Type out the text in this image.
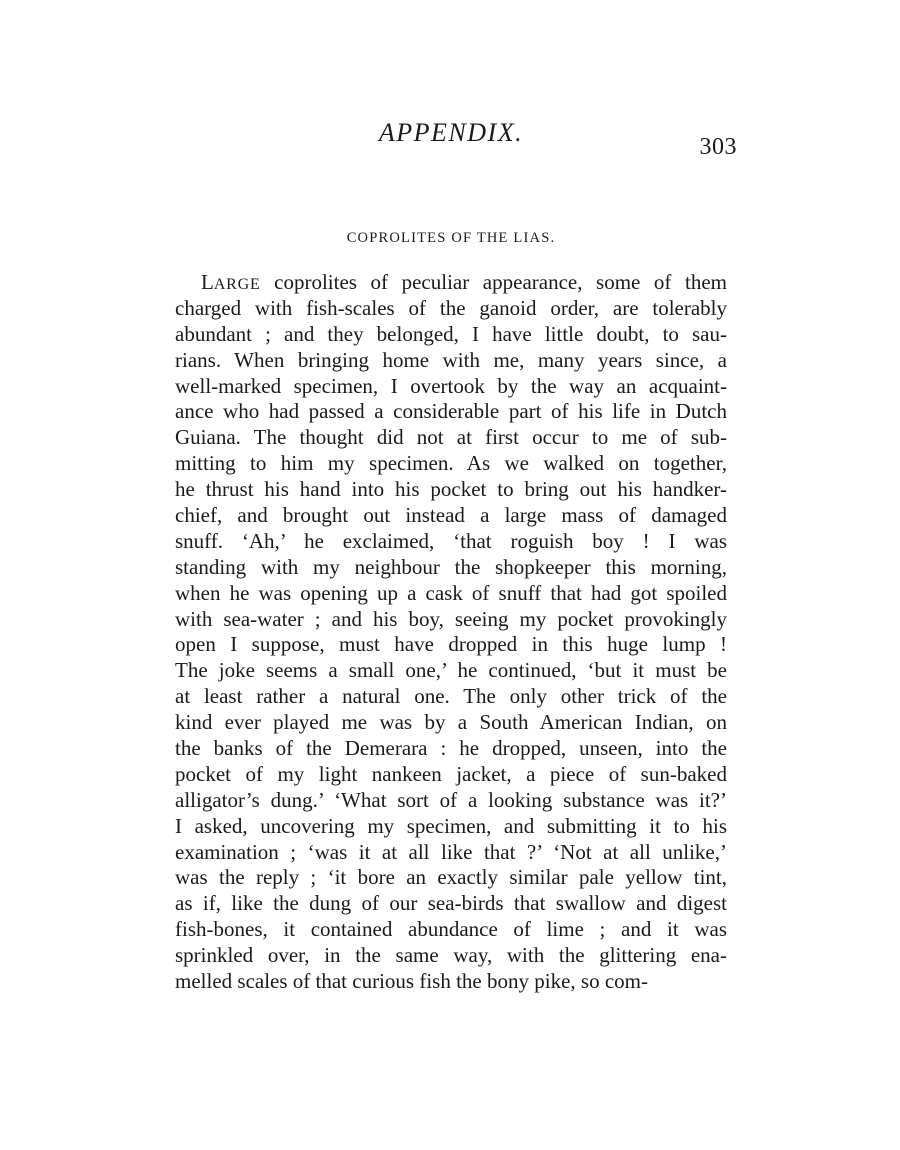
APPENDIX.	303
COPROLITES OF THE LIAS.
LARGE coprolites of peculiar appearance, some of them
charged with fish-scales of the ganoid order, are tolerably
abundant ; and they belonged, I have little doubt, to sau-
rians. When bringing home with me, many years since, a
well-marked specimen, I overtook by the way an acquaint-
ance who had passed a considerable part of his life in Dutch
Guiana. The thought did not at first occur to me of sub-
mitting to him my specimen. As we walked on together,
he thrust his hand into his pocket to bring out his handker-
chief, and brought out instead a large mass of damaged
snuff. ‘Ah,’ he exclaimed, ‘that roguish boy ! I was
standing with my neighbour the shopkeeper this morning,
when he was opening up a cask of snuff that had got spoiled
with sea-water ; and his boy, seeing my pocket provokingly
open I suppose, must have dropped in this huge lump !
The joke seems a small one,’ he continued, ‘but it must be
at least rather a natural one. The only other trick of the
kind ever played me was by a South American Indian, on
the banks of the Demerara : he dropped, unseen, into the
pocket of my light nankeen jacket, a piece of sun-baked
alligator’s dung.’ ‘What sort of a looking substance was it?’
I asked, uncovering my specimen, and submitting it to his
examination ; ‘was it at all like that ?’ ‘Not at all unlike,’
was the reply ; ‘it bore an exactly similar pale yellow tint,
as if, like the dung of our sea-birds that swallow and digest
fish-bones, it contained abundance of lime ; and it was
sprinkled over, in the same way, with the glittering ena-
melled scales of that curious fish the bony pike, so com-
